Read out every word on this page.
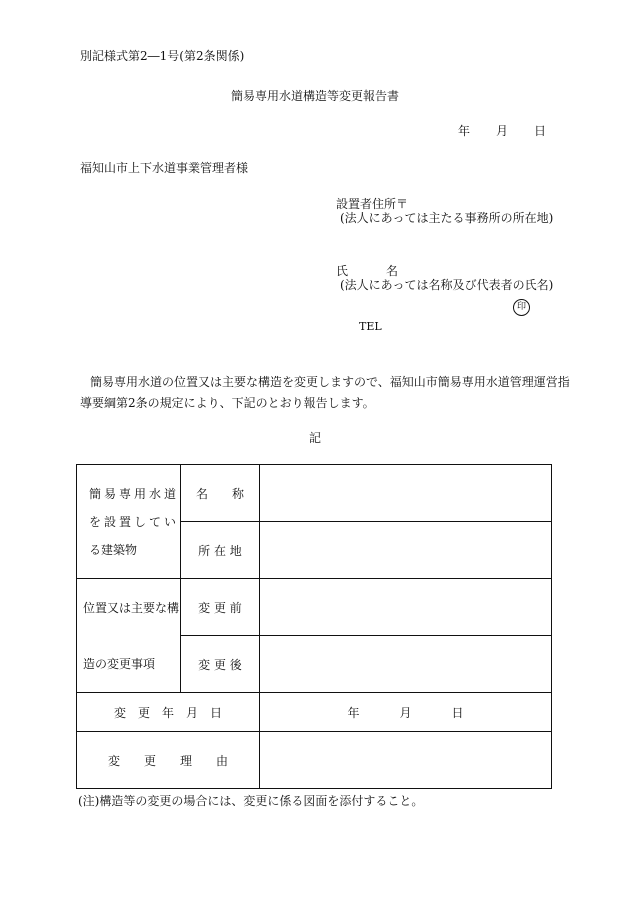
別記様式第2―1号(第2条関係)
簡易専用水道構造等変更報告書
年 月 日
福知山市上下水道事業管理者様
設置者住所〒
(法人にあっては主たる事務所の所在地)
氏	名
(法人にあっては名称及び代表者の氏名)
印
TEL
簡易専用水道の位置又は主要な構造を変更しますので、福知山市簡易専用水道管理運営指
導要綱第2条の規定により、下記のとおり報告します。
記
簡易専用水道
を設置してい
る建築物	名　　称	
	所 在 地	

位置又は主要な構
造の変更事項	変 更 前	
	変 更 後	
変　更　年　月　日		年 月 日
変　　更　　理　　由		
(注)構造等の変更の場合には、変更に係る図面を添付すること。
